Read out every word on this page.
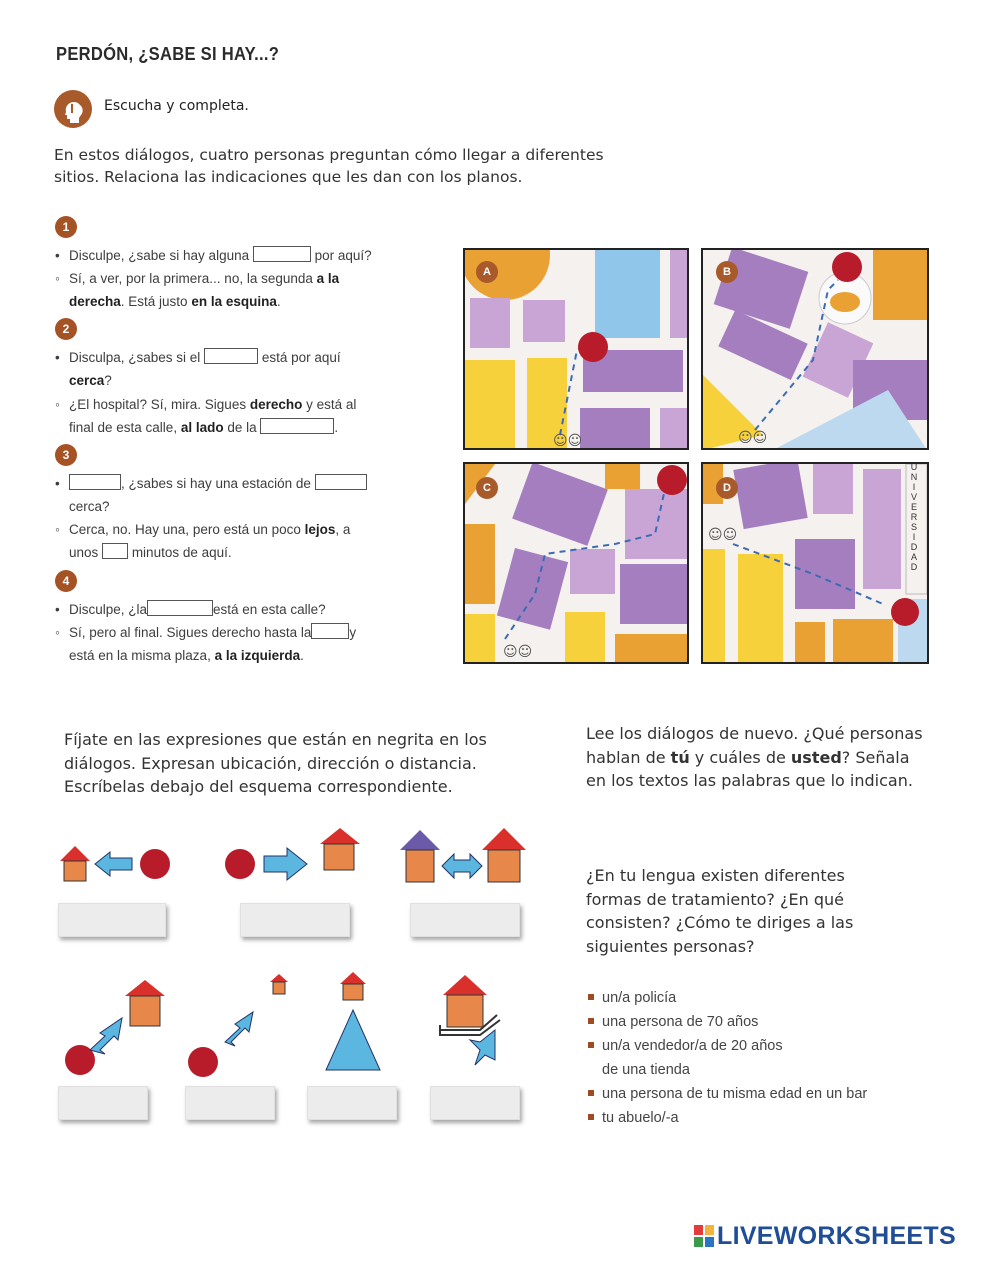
PERDÓN, ¿SABE SI HAY...?
Escucha y completa.
En estos diálogos, cuatro personas preguntan cómo llegar a diferentes sitios. Relaciona las indicaciones que les dan con los planos.
1
• Disculpe, ¿sabe si hay alguna	por aquí?
◦ Sí, a ver, por la primera... no, la segunda a la
derecha. Está justo en la esquina.
2
• Disculpa, ¿sabes si el	está por aquí
cerca?
◦ ¿El hospital? Sí, mira. Sigues derecho y está al
final de esta calle, al lado de la	.
3
•	, ¿sabes si hay una estación de
cerca?
◦ Cerca, no. Hay una, pero está un poco lejos, a
unos minutos de aquí.
4
• Disculpe, ¿la	está en esta calle?
◦ Sí, pero al final. Sigues derecho hasta la	y
está en la misma plaza, a la izquierda.
☺☺
A
☺☺
B
☺☺
C
☺☺
D
U
N
I
V
E
R
S
I
D
A
D
Fíjate en las expresiones que están en negrita en los diálogos. Expresan ubicación, dirección o distancia. Escríbelas debajo del esquema correspondiente.
Lee los diálogos de nuevo. ¿Qué personas hablan de tú y cuáles de usted? Señala en los textos las palabras que lo indican.
¿En tu lengua existen diferentes formas de tratamiento? ¿En qué consisten? ¿Cómo te diriges a las siguientes personas?
un/a policía
una persona de 70 años
un/a vendedor/a de 20 años
de una tienda
una persona de tu misma edad en un bar
tu abuelo/-a
LIVEWORKSHEETS
